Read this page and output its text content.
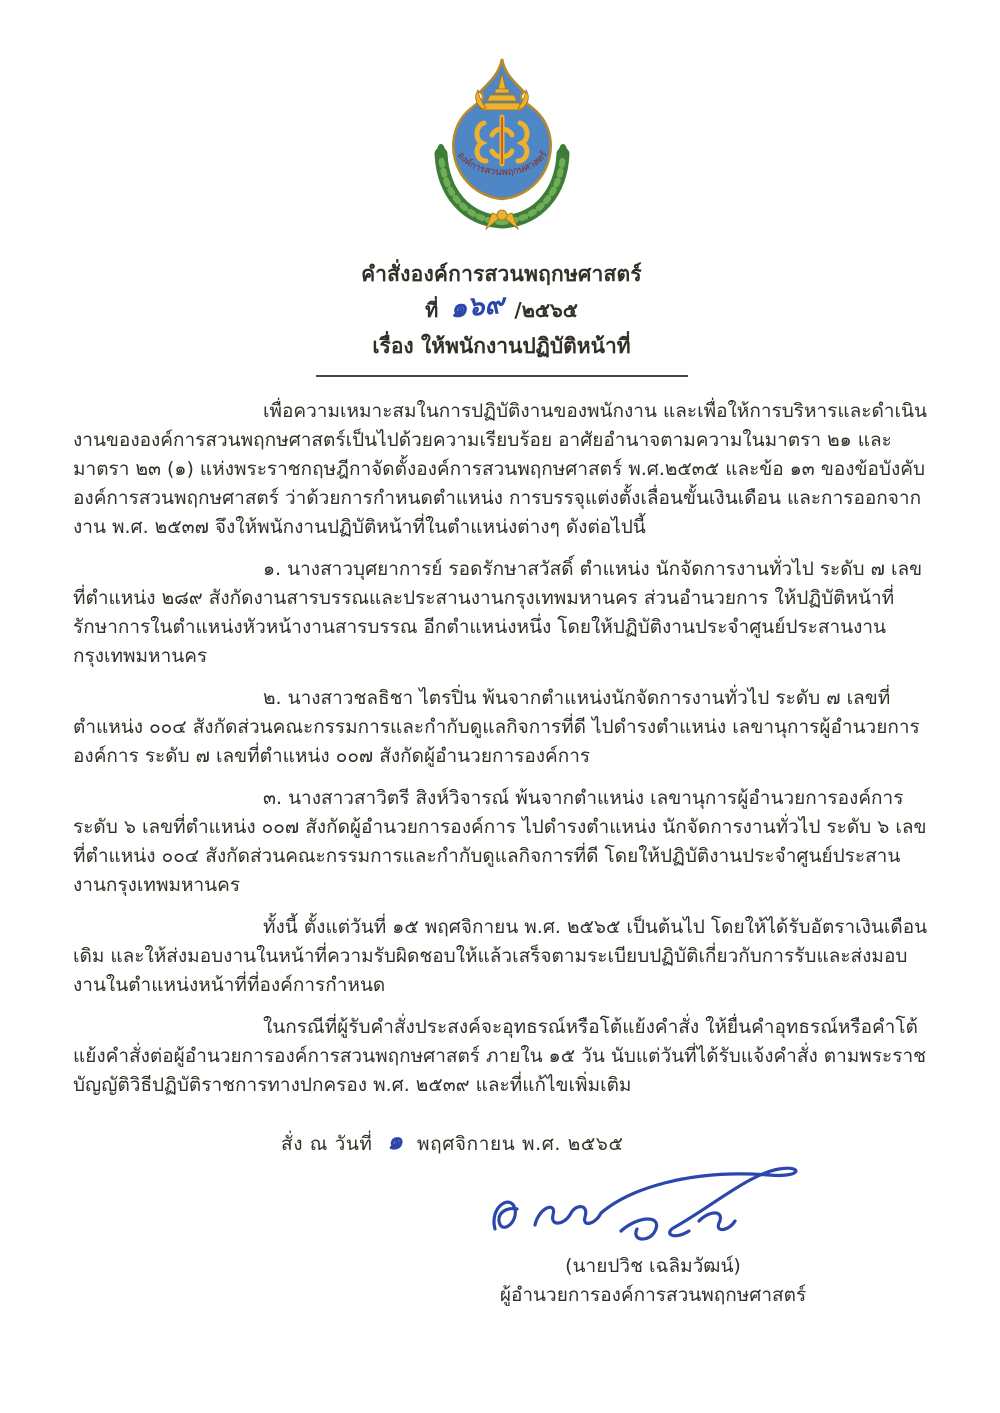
องค์การสวนพฤกษศาสตร์
คำสั่งองค์การสวนพฤกษศาสตร์
ที่ ๑๖๙ /๒๕๖๕
เรื่อง ให้พนักงานปฏิบัติหน้าที่

เพื่อความเหมาะสมในการปฏิบัติงานของพนักงาน และเพื่อให้การบริหารและดำเนินงานขององค์การสวนพฤกษศาสตร์เป็นไปด้วยความเรียบร้อย อาศัยอำนาจตามความในมาตรา ๒๑ และมาตรา ๒๓ (๑) แห่งพระราชกฤษฎีกาจัดตั้งองค์การสวนพฤกษศาสตร์ พ.ศ.๒๕๓๕ และข้อ ๑๓ ของข้อบังคับองค์การสวนพฤกษศาสตร์ ว่าด้วยการกำหนดตำแหน่ง การบรรจุแต่งตั้งเลื่อนขั้นเงินเดือน และการออกจากงาน พ.ศ. ๒๕๓๗ จึงให้พนักงานปฏิบัติหน้าที่ในตำแหน่งต่างๆ ดังต่อไปนี้

๑. นางสาวบุศยาการย์ รอดรักษาสวัสดิ์ ตำแหน่ง นักจัดการงานทั่วไป ระดับ ๗ เลขที่ตำแหน่ง ๒๘๙ สังกัดงานสารบรรณและประสานงานกรุงเทพมหานคร ส่วนอำนวยการ ให้ปฏิบัติหน้าที่รักษาการในตำแหน่งหัวหน้างานสารบรรณ อีกตำแหน่งหนึ่ง โดยให้ปฏิบัติงานประจำศูนย์ประสานงานกรุงเทพมหานคร

๒. นางสาวชลธิชา ไตรปิ่น พ้นจากตำแหน่งนักจัดการงานทั่วไป ระดับ ๗ เลขที่ตำแหน่ง ๐๐๔ สังกัดส่วนคณะกรรมการและกำกับดูแลกิจการที่ดี ไปดำรงตำแหน่ง เลขานุการผู้อำนวยการองค์การ ระดับ ๗ เลขที่ตำแหน่ง ๐๐๗ สังกัดผู้อำนวยการองค์การ

๓. นางสาวสาวิตรี สิงห์วิจารณ์ พ้นจากตำแหน่ง เลขานุการผู้อำนวยการองค์การ ระดับ ๖ เลขที่ตำแหน่ง ๐๐๗ สังกัดผู้อำนวยการองค์การ ไปดำรงตำแหน่ง นักจัดการงานทั่วไป ระดับ ๖ เลขที่ตำแหน่ง ๐๐๔ สังกัดส่วนคณะกรรมการและกำกับดูแลกิจการที่ดี โดยให้ปฏิบัติงานประจำศูนย์ประสานงานกรุงเทพมหานคร

ทั้งนี้ ตั้งแต่วันที่ ๑๕ พฤศจิกายน พ.ศ. ๒๕๖๕ เป็นต้นไป โดยให้ได้รับอัตราเงินเดือนเดิม และให้ส่งมอบงานในหน้าที่ความรับผิดชอบให้แล้วเสร็จตามระเบียบปฏิบัติเกี่ยวกับการรับและส่งมอบงานในตำแหน่งหน้าที่ที่องค์การกำหนด

ในกรณีที่ผู้รับคำสั่งประสงค์จะอุทธรณ์หรือโต้แย้งคำสั่ง ให้ยื่นคำอุทธรณ์หรือคำโต้แย้งคำสั่งต่อผู้อำนวยการองค์การสวนพฤกษศาสตร์ ภายใน ๑๕ วัน นับแต่วันที่ได้รับแจ้งคำสั่ง ตามพระราชบัญญัติวิธีปฏิบัติราชการทางปกครอง พ.ศ. ๒๕๓๙ และที่แก้ไขเพิ่มเติม

สั่ง ณ วันที่ ๑ พฤศจิกายน พ.ศ. ๒๕๖๕
(นายปวิช เฉลิมวัฒน์)
ผู้อำนวยการองค์การสวนพฤกษศาสตร์
